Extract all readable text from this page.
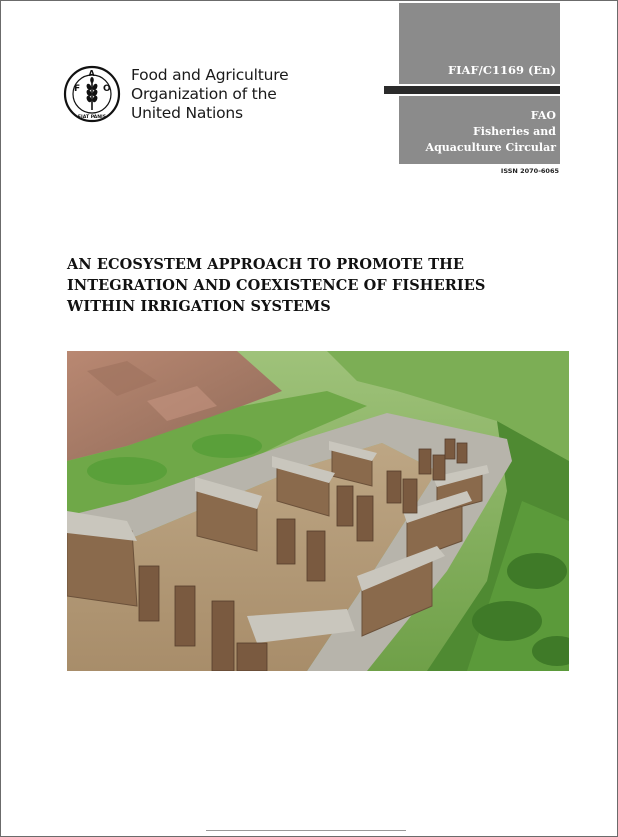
F
A
O
FIAT PANIS
Food and Agriculture
Organization of the
United Nations
FIAF/C1169 (En)
FAO
Fisheries and
Aquaculture Circular
ISSN 2070-6065
AN ECOSYSTEM APPROACH TO PROMOTE THE
INTEGRATION AND COEXISTENCE OF FISHERIES
WITHIN IRRIGATION SYSTEMS
